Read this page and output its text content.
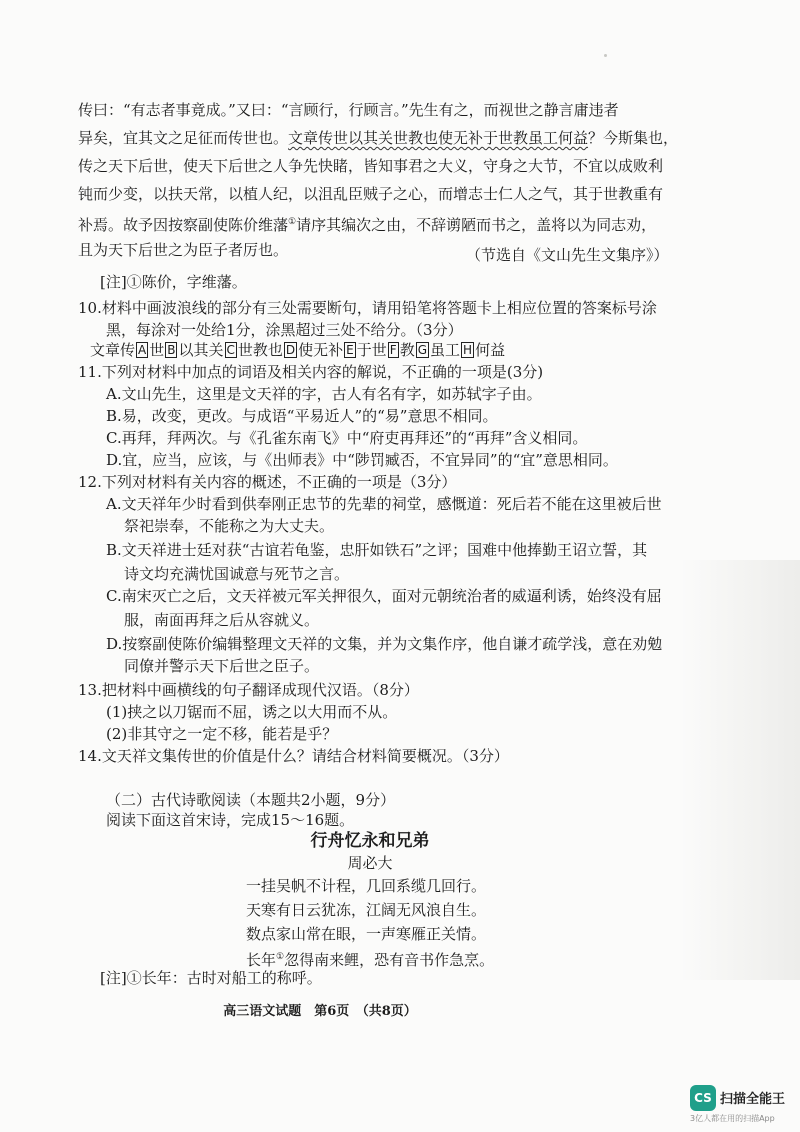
传曰：“有志者事竟成。”又曰：“言顾行，行顾言。”先生有之，而视世之静言庸违者
异矣，宜其文之足征而传世也。文章传世以其关世教也使无补于世教虽工何益？今斯集也，
传之天下后世，使天下后世之人争先快睹，皆知事君之大义，守身之大节，不宜以成败利
钝而少变，以扶天常，以植人纪，以沮乱臣贼子之心，而增志士仁人之气，其于世教重有
补焉。故予因按察副使陈价维藩①请序其编次之由，不辞谫陋而书之，盖将以为同志劝，
且为天下后世之为臣子者厉也。	（节选自《文山先生文集序》）
[注]①陈价，字维藩。
10.材料中画波浪线的部分有三处需要断句，请用铅笔将答题卡上相应位置的答案标号涂
黑，每涂对一处给1分，涂黑超过三处不给分。（3分）
文章传 A 世 B 以其关 C 世教也 D 使无补 E 于世 F 教 G 虽工 H 何益
11.下列对材料中加点的词语及相关内容的解说，不正确的一项是(3分)
A.文山先生，这里是文天祥的字，古人有名有字，如苏轼字子由。
B.易，改变，更改。与成语“平易近人”的“易”意思不相同。
C.再拜，拜两次。与《孔雀东南飞》中“府吏再拜还”的“再拜”含义相同。
D.宜，应当，应该，与《出师表》中“陟罚臧否，不宜异同”的“宜”意思相同。
12.下列对材料有关内容的概述，不正确的一项是（3分）
A.文天祥年少时看到供奉刚正忠节的先辈的祠堂，感慨道：死后若不能在这里被后世
祭祀崇奉，不能称之为大丈夫。
B.文天祥进士廷对获“古谊若龟鉴，忠肝如铁石”之评；国难中他捧勤王诏立誓，其
诗文均充满忧国诚意与死节之言。
C.南宋灭亡之后，文天祥被元军关押很久，面对元朝统治者的威逼利诱，始终没有屈
服，南面再拜之后从容就义。
D.按察副使陈价编辑整理文天祥的文集，并为文集作序，他自谦才疏学浅，意在劝勉
同僚并警示天下后世之臣子。
13.把材料中画横线的句子翻译成现代汉语。（8分）
(1)挟之以刀锯而不屈，诱之以大用而不从。
(2)非其守之一定不移，能若是乎？
14.文天祥文集传世的价值是什么？请结合材料简要概况。（3分）
（二）古代诗歌阅读（本题共2小题，9分）
阅读下面这首宋诗，完成15～16题。
行舟忆永和兄弟
周必大
一挂吴帆不计程，几回系缆几回行。
天寒有日云犹冻，江阔无风浪自生。
数点家山常在眼，一声寒雁正关情。
长年①忽得南来鲤，恐有音书作急烹。
[注]①长年：古时对船工的称呼。
高三语文试题　第6页　（共8页）
CS 扫描全能王
3亿人都在用的扫描App
